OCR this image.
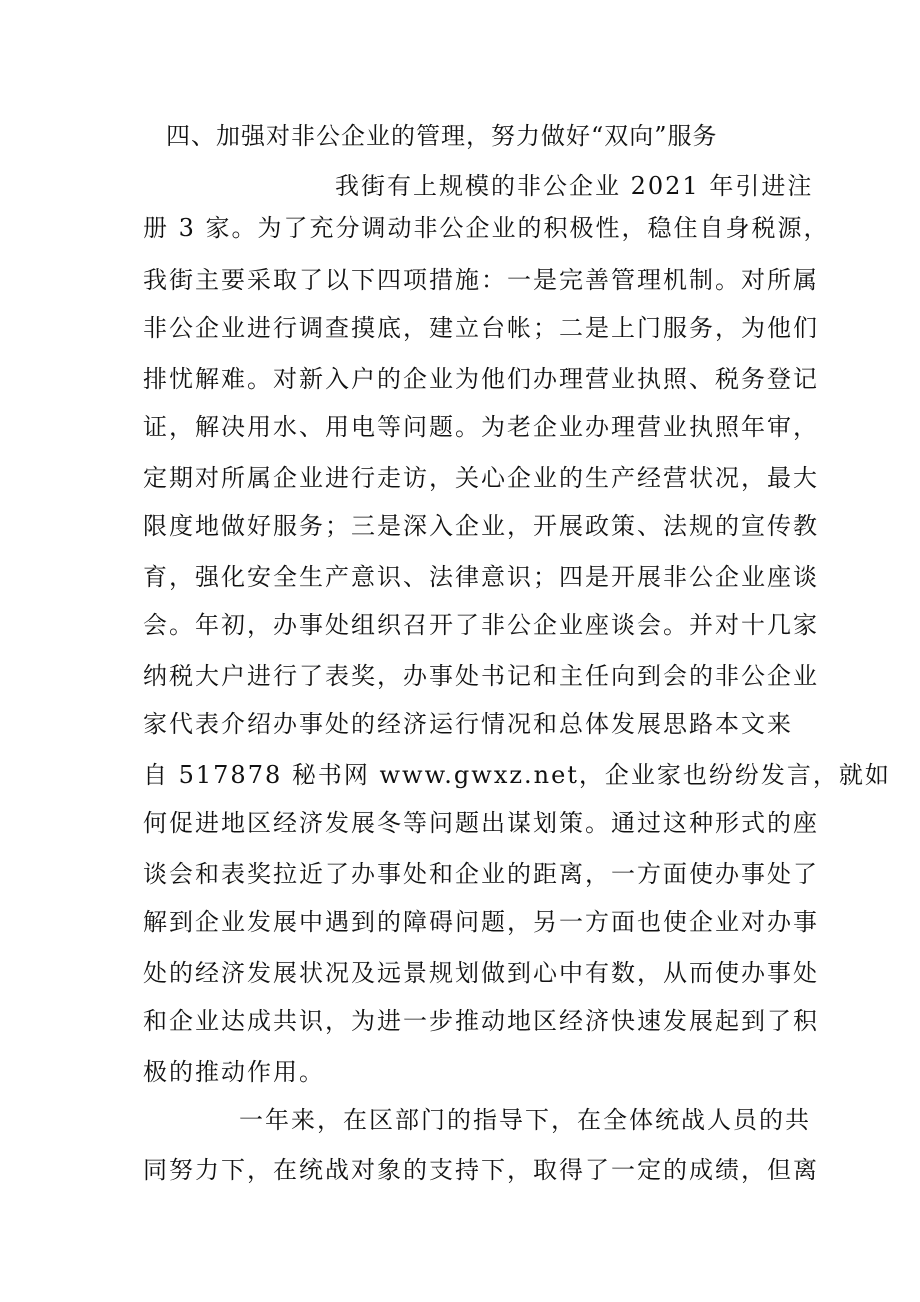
四、加强对非公企业的管理，努力做好“双向”服务
我街有上规模的非公企业 2021 年引进注
册 3 家。为了充分调动非公企业的积极性，稳住自身税源，
我街主要采取了以下四项措施：一是完善管理机制。对所属
非公企业进行调查摸底，建立台帐；二是上门服务，为他们
排忧解难。对新入户的企业为他们办理营业执照、税务登记
证，解决用水、用电等问题。为老企业办理营业执照年审，
定期对所属企业进行走访，关心企业的生产经营状况，最大
限度地做好服务；三是深入企业，开展政策、法规的宣传教
育，强化安全生产意识、法律意识；四是开展非公企业座谈
会。年初，办事处组织召开了非公企业座谈会。并对十几家
纳税大户进行了表奖，办事处书记和主任向到会的非公企业
家代表介绍办事处的经济运行情况和总体发展思路本文来
自 517878 秘书网 www.gwxz.net，企业家也纷纷发言，就如
何促进地区经济发展冬等问题出谋划策。通过这种形式的座
谈会和表奖拉近了办事处和企业的距离，一方面使办事处了
解到企业发展中遇到的障碍问题，另一方面也使企业对办事
处的经济发展状况及远景规划做到心中有数，从而使办事处
和企业达成共识，为进一步推动地区经济快速发展起到了积
极的推动作用。
一年来，在区部门的指导下，在全体统战人员的共
同努力下，在统战对象的支持下，取得了一定的成绩，但离
